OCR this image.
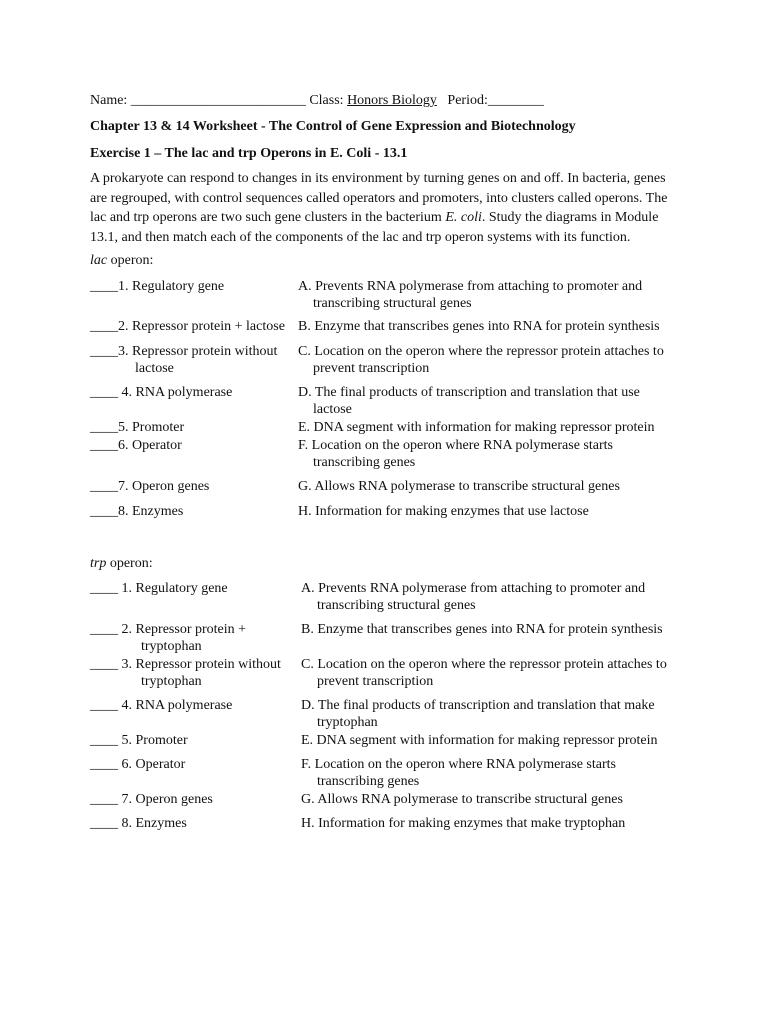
Name: _________________________ Class: Honors Biology Period:________
Chapter 13 & 14 Worksheet - The Control of Gene Expression and Biotechnology
Exercise 1 – The lac and trp Operons in E. Coli - 13.1
A prokaryote can respond to changes in its environment by turning genes on and off. In bacteria, genes are regrouped, with control sequences called operators and promoters, into clusters called operons. The lac and trp operons are two such gene clusters in the bacterium E. coli. Study the diagrams in Module 13.1, and then match each of the components of the lac and trp operon systems with its function.
lac operon:
____1. Regulatory gene
____2. Repressor protein + lactose
____3. Repressor protein without
lactose
____ 4. RNA polymerase
____5. Promoter
____6. Operator
____7. Operon genes
____8. Enzymes
A. Prevents RNA polymerase from attaching to promoter and
transcribing structural genes
B. Enzyme that transcribes genes into RNA for protein synthesis
C. Location on the operon where the repressor protein attaches to
prevent transcription
D. The final products of transcription and translation that use
lactose
E. DNA segment with information for making repressor protein
F. Location on the operon where RNA polymerase starts
transcribing genes
G. Allows RNA polymerase to transcribe structural genes
H. Information for making enzymes that use lactose
trp operon:
____ 1. Regulatory gene
____ 2. Repressor protein +
tryptophan
____ 3. Repressor protein without
tryptophan
____ 4. RNA polymerase
____ 5. Promoter
____ 6. Operator
____ 7. Operon genes
____ 8. Enzymes
A. Prevents RNA polymerase from attaching to promoter and
transcribing structural genes
B. Enzyme that transcribes genes into RNA for protein synthesis
C. Location on the operon where the repressor protein attaches to
prevent transcription
D. The final products of transcription and translation that make
tryptophan
E. DNA segment with information for making repressor protein
F. Location on the operon where RNA polymerase starts
transcribing genes
G. Allows RNA polymerase to transcribe structural genes
H. Information for making enzymes that make tryptophan
